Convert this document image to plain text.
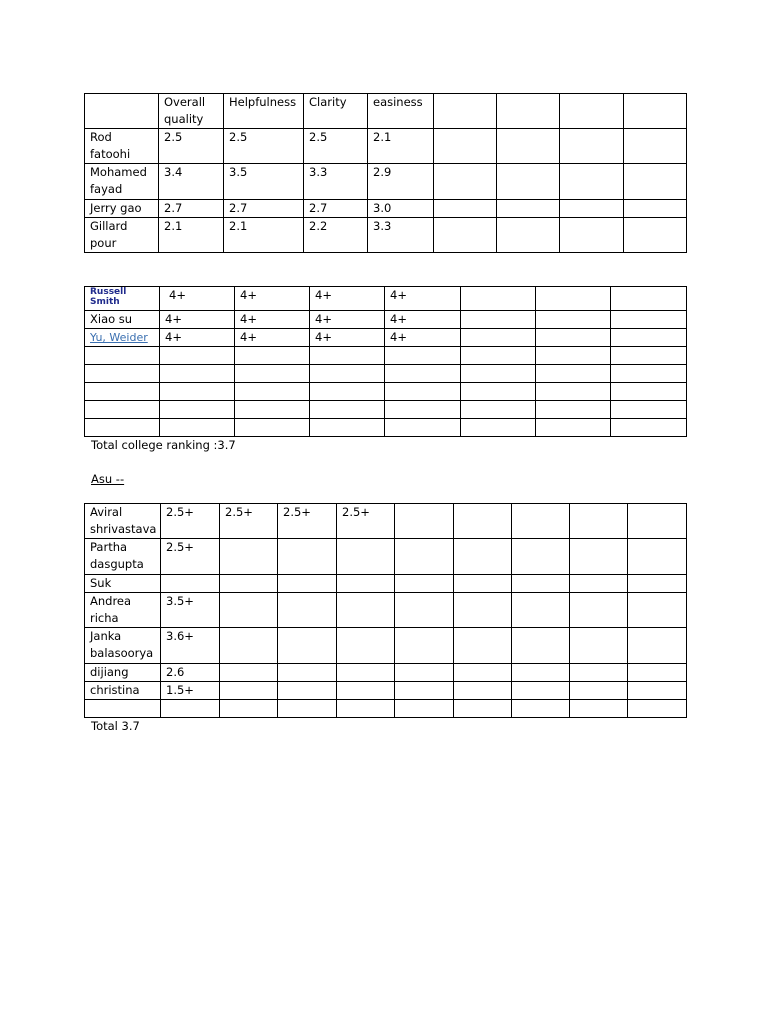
	Overall quality	Helpfulness	Clarity	easiness				
Rod fatoohi	2.5	2.5	2.5	2.1				
Mohamed fayad	3.4	3.5	3.3	2.9				
Jerry gao	2.7	2.7	2.7	3.0				
Gillard pour	2.1	2.1	2.2	3.3				
Russell Smith	4+	4+	4+	4+			
Xiao su	4+	4+	4+	4+			
Yu, Weider	4+	4+	4+	4+			

Total college ranking :3.7
Asu --
Aviral shrivastava	2.5+	2.5+	2.5+	2.5+					
Partha dasgupta	2.5+								
Suk									
Andrea richa	3.5+								
Janka balasoorya	3.6+								
dijiang	2.6								
christina	1.5+								

Total 3.7
